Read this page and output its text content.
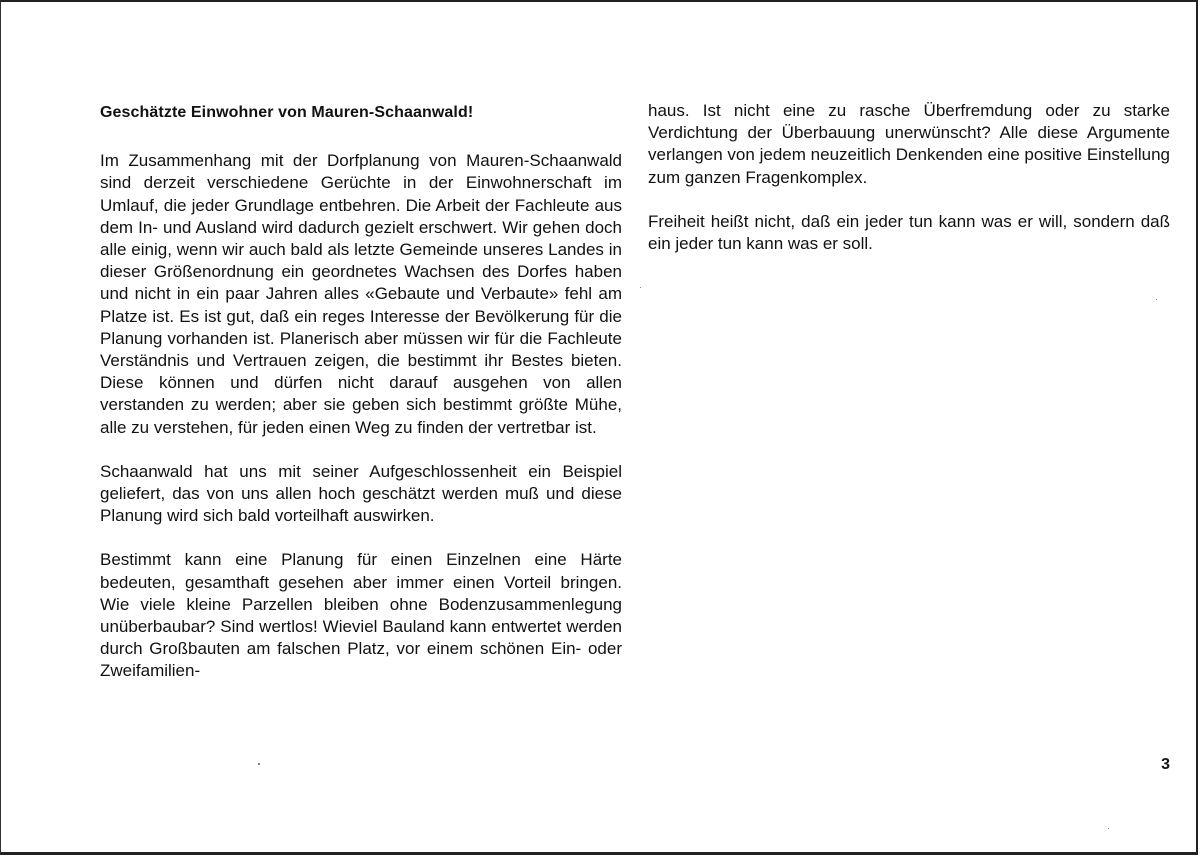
Geschätzte Einwohner von Mauren-Schaanwald!

Im Zusammenhang mit der Dorfplanung von Mauren-Schaanwald sind derzeit verschiedene Gerüchte in der Einwohnerschaft im Umlauf, die jeder Grundlage entbehren. Die Arbeit der Fachleute aus dem In- und Ausland wird dadurch gezielt erschwert. Wir gehen doch alle einig, wenn wir auch bald als letzte Gemeinde unseres Landes in dieser Größenordnung ein geordnetes Wachsen des Dorfes haben und nicht in ein paar Jahren alles «Gebaute und Verbaute» fehl am Platze ist. Es ist gut, daß ein reges Interesse der Bevölkerung für die Planung vorhanden ist. Planerisch aber müssen wir für die Fachleute Verständnis und Vertrauen zeigen, die bestimmt ihr Bestes bieten. Diese können und dürfen nicht darauf ausgehen von allen verstanden zu werden; aber sie geben sich bestimmt größte Mühe, alle zu verstehen, für jeden einen Weg zu finden der vertretbar ist.

Schaanwald hat uns mit seiner Aufgeschlossenheit ein Beispiel geliefert, das von uns allen hoch geschätzt werden muß und diese Planung wird sich bald vorteilhaft auswirken.

Bestimmt kann eine Planung für einen Einzelnen eine Härte bedeuten, gesamthaft gesehen aber immer einen Vorteil bringen. Wie viele kleine Parzellen bleiben ohne Bodenzusammenlegung unüberbaubar? Sind wertlos! Wieviel Bauland kann entwertet werden durch Großbauten am falschen Platz, vor einem schönen Ein- oder Zweifamilien-

haus. Ist nicht eine zu rasche Überfremdung oder zu starke Verdichtung der Überbauung unerwünscht? Alle diese Argumente verlangen von jedem neuzeitlich Denkenden eine positive Einstellung zum ganzen Fragenkomplex.

Freiheit heißt nicht, daß ein jeder tun kann was er will, sondern daß ein jeder tun kann was er soll.

3
